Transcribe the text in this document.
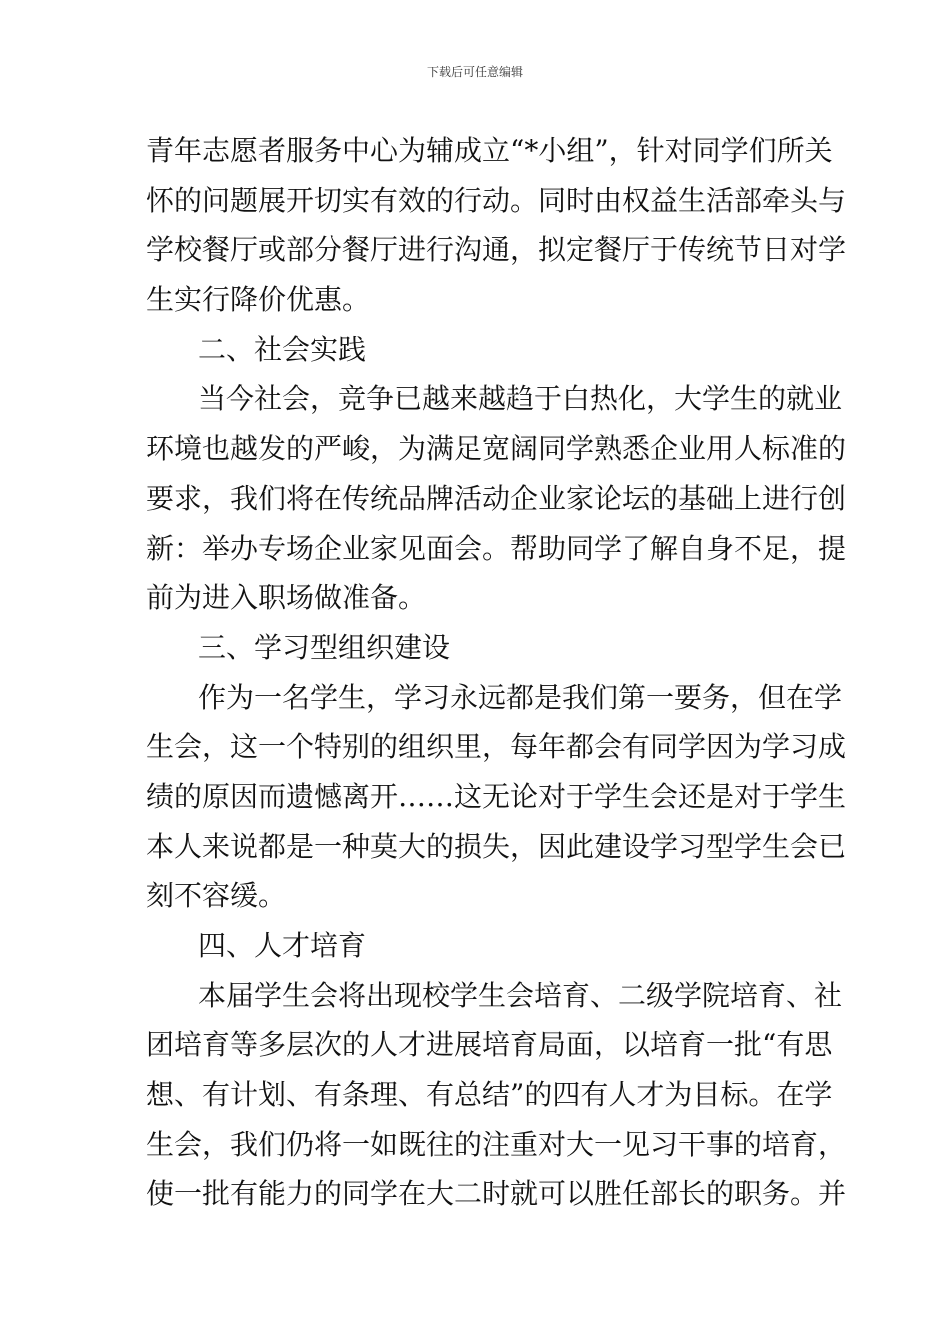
下载后可任意编辑
青年志愿者服务中心为辅成立“*小组”，针对同学们所关
怀的问题展开切实有效的行动。同时由权益生活部牵头与
学校餐厅或部分餐厅进行沟通，拟定餐厅于传统节日对学
生实行降价优惠。
二、社会实践
当今社会，竞争已越来越趋于白热化，大学生的就业
环境也越发的严峻，为满足宽阔同学熟悉企业用人标准的
要求，我们将在传统品牌活动企业家论坛的基础上进行创
新：举办专场企业家见面会。帮助同学了解自身不足，提
前为进入职场做准备。
三、学习型组织建设
作为一名学生，学习永远都是我们第一要务，但在学
生会，这一个特别的组织里，每年都会有同学因为学习成
绩的原因而遗憾离开……这无论对于学生会还是对于学生
本人来说都是一种莫大的损失，因此建设学习型学生会已
刻不容缓。
四、人才培育
本届学生会将出现校学生会培育、二级学院培育、社
团培育等多层次的人才进展培育局面，以培育一批“有思
想、有计划、有条理、有总结”的四有人才为目标。在学
生会，我们仍将一如既往的注重对大一见习干事的培育，
使一批有能力的同学在大二时就可以胜任部长的职务。并
